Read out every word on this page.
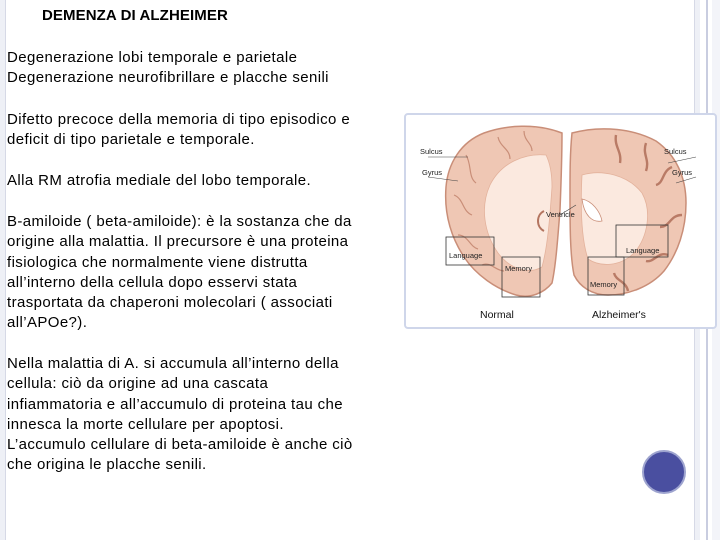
DEMENZA DI ALZHEIMER
Degenerazione lobi temporale e parietale
Degenerazione neurofibrillare e placche senili
Difetto precoce della memoria di tipo episodico e
deficit di tipo parietale e temporale.
Alla RM atrofia mediale del lobo temporale.
B-amiloide ( beta-amiloide): è la sostanza che da
origine alla malattia. Il precursore è una proteina
fisiologica che normalmente viene distrutta
all’interno della cellula dopo esservi stata
trasportata da chaperoni molecolari ( associati
all’APOe?).
Nella malattia di A. si accumula all’interno della
cellula: ciò da origine ad una cascata
infiammatoria e all’accumulo di proteina tau che
innesca la morte cellulare per apoptosi.
L’accumulo cellulare di beta-amiloide è anche ciò
che origina le placche senili.
Sulcus
Gyrus
Sulcus
Gyrus
Ventricle
Language
Memory
Language
Memory
Normal	Alzheimer's
